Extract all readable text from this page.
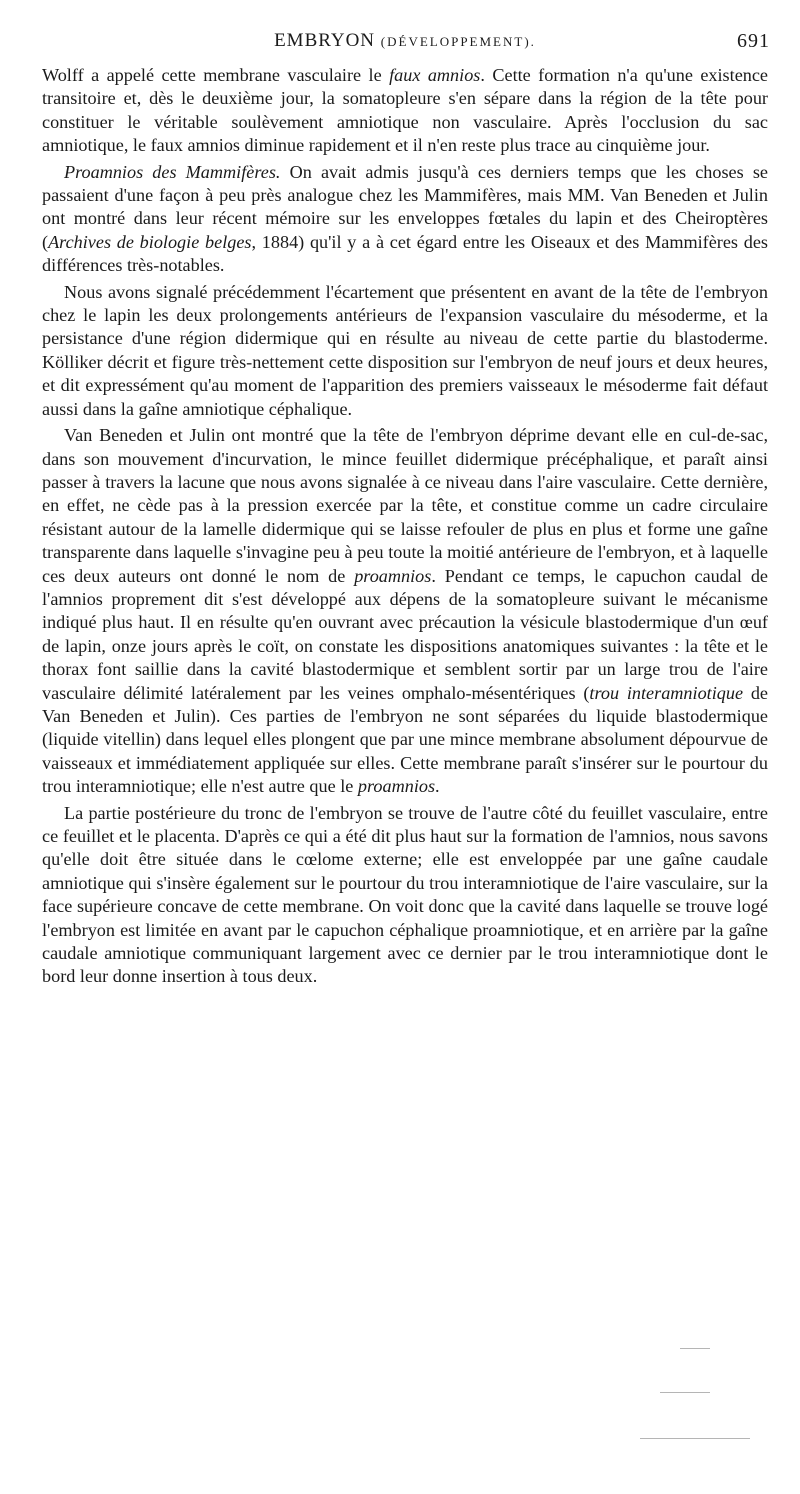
EMBRYON (DÉVELOPPEMENT).	691

Wolff a appelé cette membrane vasculaire le faux amnios. Cette formation n'a qu'une existence transitoire et, dès le deuxième jour, la somatopleure s'en sépare dans la région de la tête pour constituer le véritable soulèvement amniotique non vasculaire. Après l'occlusion du sac amniotique, le faux amnios diminue rapidement et il n'en reste plus trace au cinquième jour.

Proamnios des Mammifères. On avait admis jusqu'à ces derniers temps que les choses se passaient d'une façon à peu près analogue chez les Mammifères, mais MM. Van Beneden et Julin ont montré dans leur récent mémoire sur les enveloppes fœtales du lapin et des Cheiroptères (Archives de biologie belges, 1884) qu'il y a à cet égard entre les Oiseaux et des Mammifères des différences très-notables.

Nous avons signalé précédemment l'écartement que présentent en avant de la tête de l'embryon chez le lapin les deux prolongements antérieurs de l'expansion vasculaire du mésoderme, et la persistance d'une région didermique qui en résulte au niveau de cette partie du blastoderme. Kölliker décrit et figure très-nettement cette disposition sur l'embryon de neuf jours et deux heures, et dit expressément qu'au moment de l'apparition des premiers vaisseaux le mésoderme fait défaut aussi dans la gaîne amniotique céphalique.

Van Beneden et Julin ont montré que la tête de l'embryon déprime devant elle en cul-de-sac, dans son mouvement d'incurvation, le mince feuillet didermique précéphalique, et paraît ainsi passer à travers la lacune que nous avons signalée à ce niveau dans l'aire vasculaire. Cette dernière, en effet, ne cède pas à la pression exercée par la tête, et constitue comme un cadre circulaire résistant autour de la lamelle didermique qui se laisse refouler de plus en plus et forme une gaîne transparente dans laquelle s'invagine peu à peu toute la moitié antérieure de l'embryon, et à laquelle ces deux auteurs ont donné le nom de proamnios. Pendant ce temps, le capuchon caudal de l'amnios proprement dit s'est développé aux dépens de la somatopleure suivant le mécanisme indiqué plus haut. Il en résulte qu'en ouvrant avec précaution la vésicule blastodermique d'un œuf de lapin, onze jours après le coït, on constate les dispositions anatomiques suivantes : la tête et le thorax font saillie dans la cavité blastodermique et semblent sortir par un large trou de l'aire vasculaire délimité latéralement par les veines omphalo-mésentériques (trou interamniotique de Van Beneden et Julin). Ces parties de l'embryon ne sont séparées du liquide blastodermique (liquide vitellin) dans lequel elles plongent que par une mince membrane absolument dépourvue de vaisseaux et immédiatement appliquée sur elles. Cette membrane paraît s'insérer sur le pourtour du trou interamniotique; elle n'est autre que le proamnios.

La partie postérieure du tronc de l'embryon se trouve de l'autre côté du feuillet vasculaire, entre ce feuillet et le placenta. D'après ce qui a été dit plus haut sur la formation de l'amnios, nous savons qu'elle doit être située dans le cœlome externe; elle est enveloppée par une gaîne caudale amniotique qui s'insère également sur le pourtour du trou interamniotique de l'aire vasculaire, sur la face supérieure concave de cette membrane. On voit donc que la cavité dans laquelle se trouve logé l'embryon est limitée en avant par le capuchon céphalique proamniotique, et en arrière par la gaîne caudale amniotique communiquant largement avec ce dernier par le trou interamniotique dont le bord leur donne insertion à tous deux.
